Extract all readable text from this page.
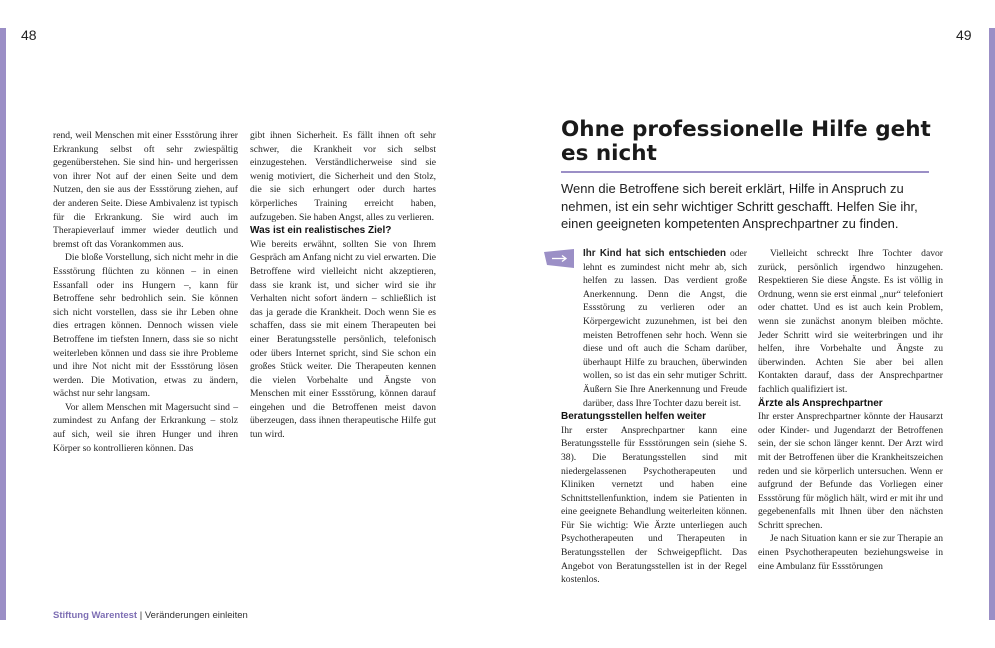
48	49

rend, weil Menschen mit einer Essstörung ihrer Erkrankung selbst oft sehr zwiespältig gegenüberstehen. Sie sind hin- und hergerissen von ihrer Not auf der einen Seite und dem Nutzen, den sie aus der Essstörung ziehen, auf der anderen Seite. Diese Ambivalenz ist typisch für die Erkrankung. Sie wird auch im Therapieverlauf immer wieder deutlich und bremst oft das Vorankommen aus.

Die bloße Vorstellung, sich nicht mehr in die Essstörung flüchten zu können – in einen Essanfall oder ins Hungern –, kann für Betroffene sehr bedrohlich sein. Sie können sich nicht vorstellen, dass sie ihr Leben ohne dies ertragen können. Dennoch wissen viele Betroffene im tiefsten Innern, dass sie so nicht weiterleben können und dass sie ihre Probleme und ihre Not nicht mit der Essstörung lösen werden. Die Motivation, etwas zu ändern, wächst nur sehr langsam.

Vor allem Menschen mit Magersucht sind – zumindest zu Anfang der Erkrankung – stolz auf sich, weil sie ihren Hunger und ihren Körper so kontrollieren können. Das

gibt ihnen Sicherheit. Es fällt ihnen oft sehr schwer, die Krankheit vor sich selbst einzugestehen. Verständlicherweise sind sie wenig motiviert, die Sicherheit und den Stolz, die sie sich erhungert oder durch hartes körperliches Training erreicht haben, aufzugeben. Sie haben Angst, alles zu verlieren.

Was ist ein realistisches Ziel?

Wie bereits erwähnt, sollten Sie von Ihrem Gespräch am Anfang nicht zu viel erwarten. Die Betroffene wird vielleicht nicht akzeptieren, dass sie krank ist, und sicher wird sie ihr Verhalten nicht sofort ändern – schließlich ist das ja gerade die Krankheit. Doch wenn Sie es schaffen, dass sie mit einem Therapeuten bei einer Beratungsstelle persönlich, telefonisch oder übers Internet spricht, sind Sie schon ein großes Stück weiter. Die Therapeuten kennen die vielen Vorbehalte und Ängste von Menschen mit einer Essstörung, können darauf eingehen und die Betroffenen meist davon überzeugen, dass ihnen therapeutische Hilfe gut tun wird.

Stiftung Warentest | Veränderungen einleiten
Ohne professionelle Hilfe geht es nicht

Wenn die Betroffene sich bereit erklärt, Hilfe in Anspruch zu nehmen, ist ein sehr wichtiger Schritt geschafft. Helfen Sie ihr, einen geeigneten kompetenten Ansprechpartner zu finden.

Ihr Kind hat sich entschieden oder lehnt es zumindest nicht mehr ab, sich helfen zu lassen. Das verdient große Anerkennung. Denn die Angst, die Essstörung zu verlieren oder an Körpergewicht zuzunehmen, ist bei den meisten Betroffenen sehr hoch. Wenn sie diese und oft auch die Scham darüber, überhaupt Hilfe zu brauchen, überwinden wollen, so ist das ein sehr mutiger Schritt. Äußern Sie Ihre Anerkennung und Freude darüber, dass Ihre Tochter dazu bereit ist.

Beratungsstellen helfen weiter

Ihr erster Ansprechpartner kann eine Beratungsstelle für Essstörungen sein (siehe S. 38). Die Beratungsstellen sind mit niedergelassenen Psychotherapeuten und Kliniken vernetzt und haben eine Schnittstellenfunktion, indem sie Patienten in eine geeignete Behandlung weiterleiten können. Für Sie wichtig: Wie Ärzte unterliegen auch Psychotherapeuten und Therapeuten in Beratungsstellen der Schweigepflicht. Das Angebot von Beratungsstellen ist in der Regel kostenlos.

Vielleicht schreckt Ihre Tochter davor zurück, persönlich irgendwo hinzugehen. Respektieren Sie diese Ängste. Es ist völlig in Ordnung, wenn sie erst einmal „nur“ telefoniert oder chattet. Und es ist auch kein Problem, wenn sie zunächst anonym bleiben möchte. Jeder Schritt wird sie weiterbringen und ihr helfen, ihre Vorbehalte und Ängste zu überwinden. Achten Sie aber bei allen Kontakten darauf, dass der Ansprechpartner fachlich qualifiziert ist.

Ärzte als Ansprechpartner

Ihr erster Ansprechpartner könnte der Hausarzt oder Kinder- und Jugendarzt der Betroffenen sein, der sie schon länger kennt. Der Arzt wird mit der Betroffenen über die Krankheitszeichen reden und sie körperlich untersuchen. Wenn er aufgrund der Befunde das Vorliegen einer Essstörung für möglich hält, wird er mit ihr und gegebenenfalls mit Ihnen über den nächsten Schritt sprechen.

Je nach Situation kann er sie zur Therapie an einen Psychotherapeuten beziehungsweise in eine Ambulanz für Essstörungen
